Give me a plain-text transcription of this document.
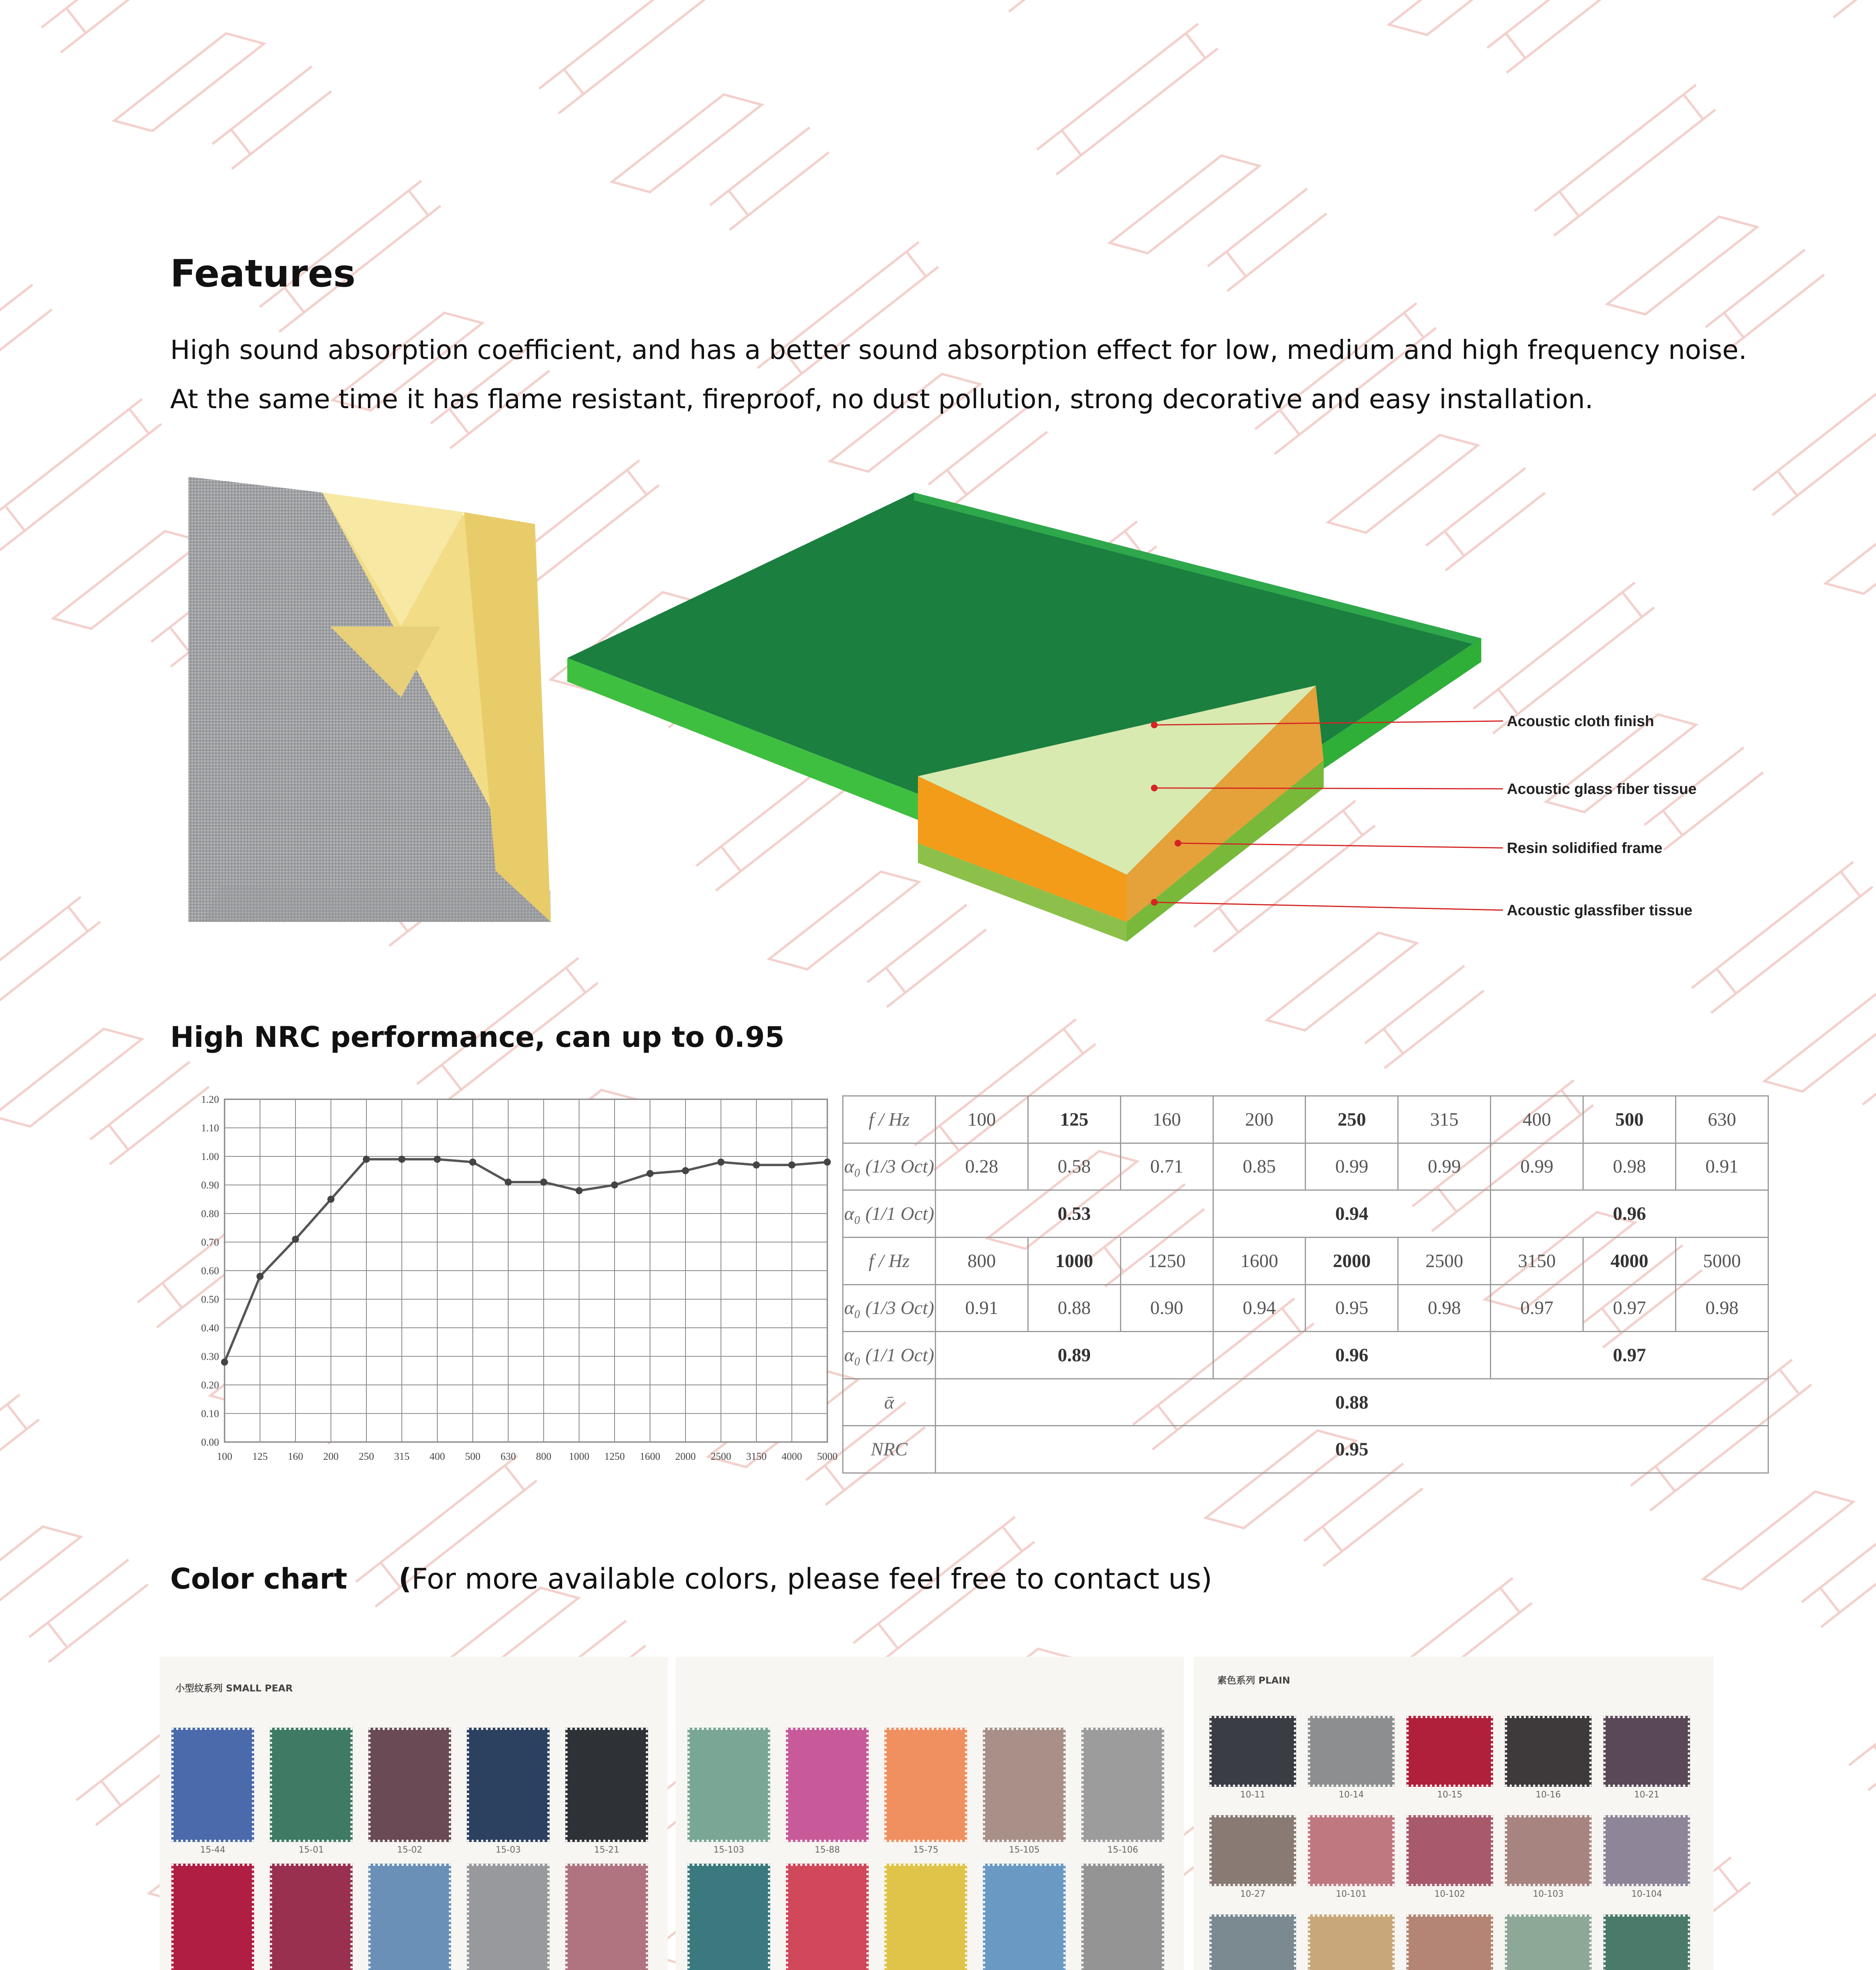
Features

High sound absorption coefficient, and has a better sound absorption effect for low, medium and high frequency noise.

At the same time it has flame resistant, fireproof, no dust pollution, strong decorative and easy installation.

Acoustic cloth finish
Acoustic glass fiber tissue
Resin solidified frame
Acoustic glassfiber tissue
High NRC performance, can up to 0.95
0.00
0.10
0.20
0.30
0.40
0.50
0.60
0.70
0.80
0.90
1.00
1.10
1.20
100 125 160 200 250 315 400 500 630 800 1000 1250 1600 2000 2500 3150 4000 5000
f / Hz	100	125	160	200	250	315	400	500	630
α₀ (1/3 Oct)	0.28	0.58	0.71	0.85	0.99	0.99	0.99	0.98	0.91
α₀ (1/1 Oct)	0.53			0.94			0.96		
f / Hz	800	1000	1250	1600	2000	2500	3150	4000	5000
α₀ (1/3 Oct)	0.91	0.88	0.90	0.94	0.95	0.98	0.97	0.97	0.98
α₀ (1/1 Oct)	0.89			0.96			0.97		
ᾱ	0.88								
NRC	0.95								
Color chart (For more available colors, please feel free to contact us)
小型纹系列 SMALL PEAR
15-44	15-01	15-02	15-03	15-21	15-103	15-88	15-75	15-105	15-106
素色系列 PLAIN
10-11	10-14	10-15	10-16	10-21
10-27	10-101	10-102	10-103	10-104
